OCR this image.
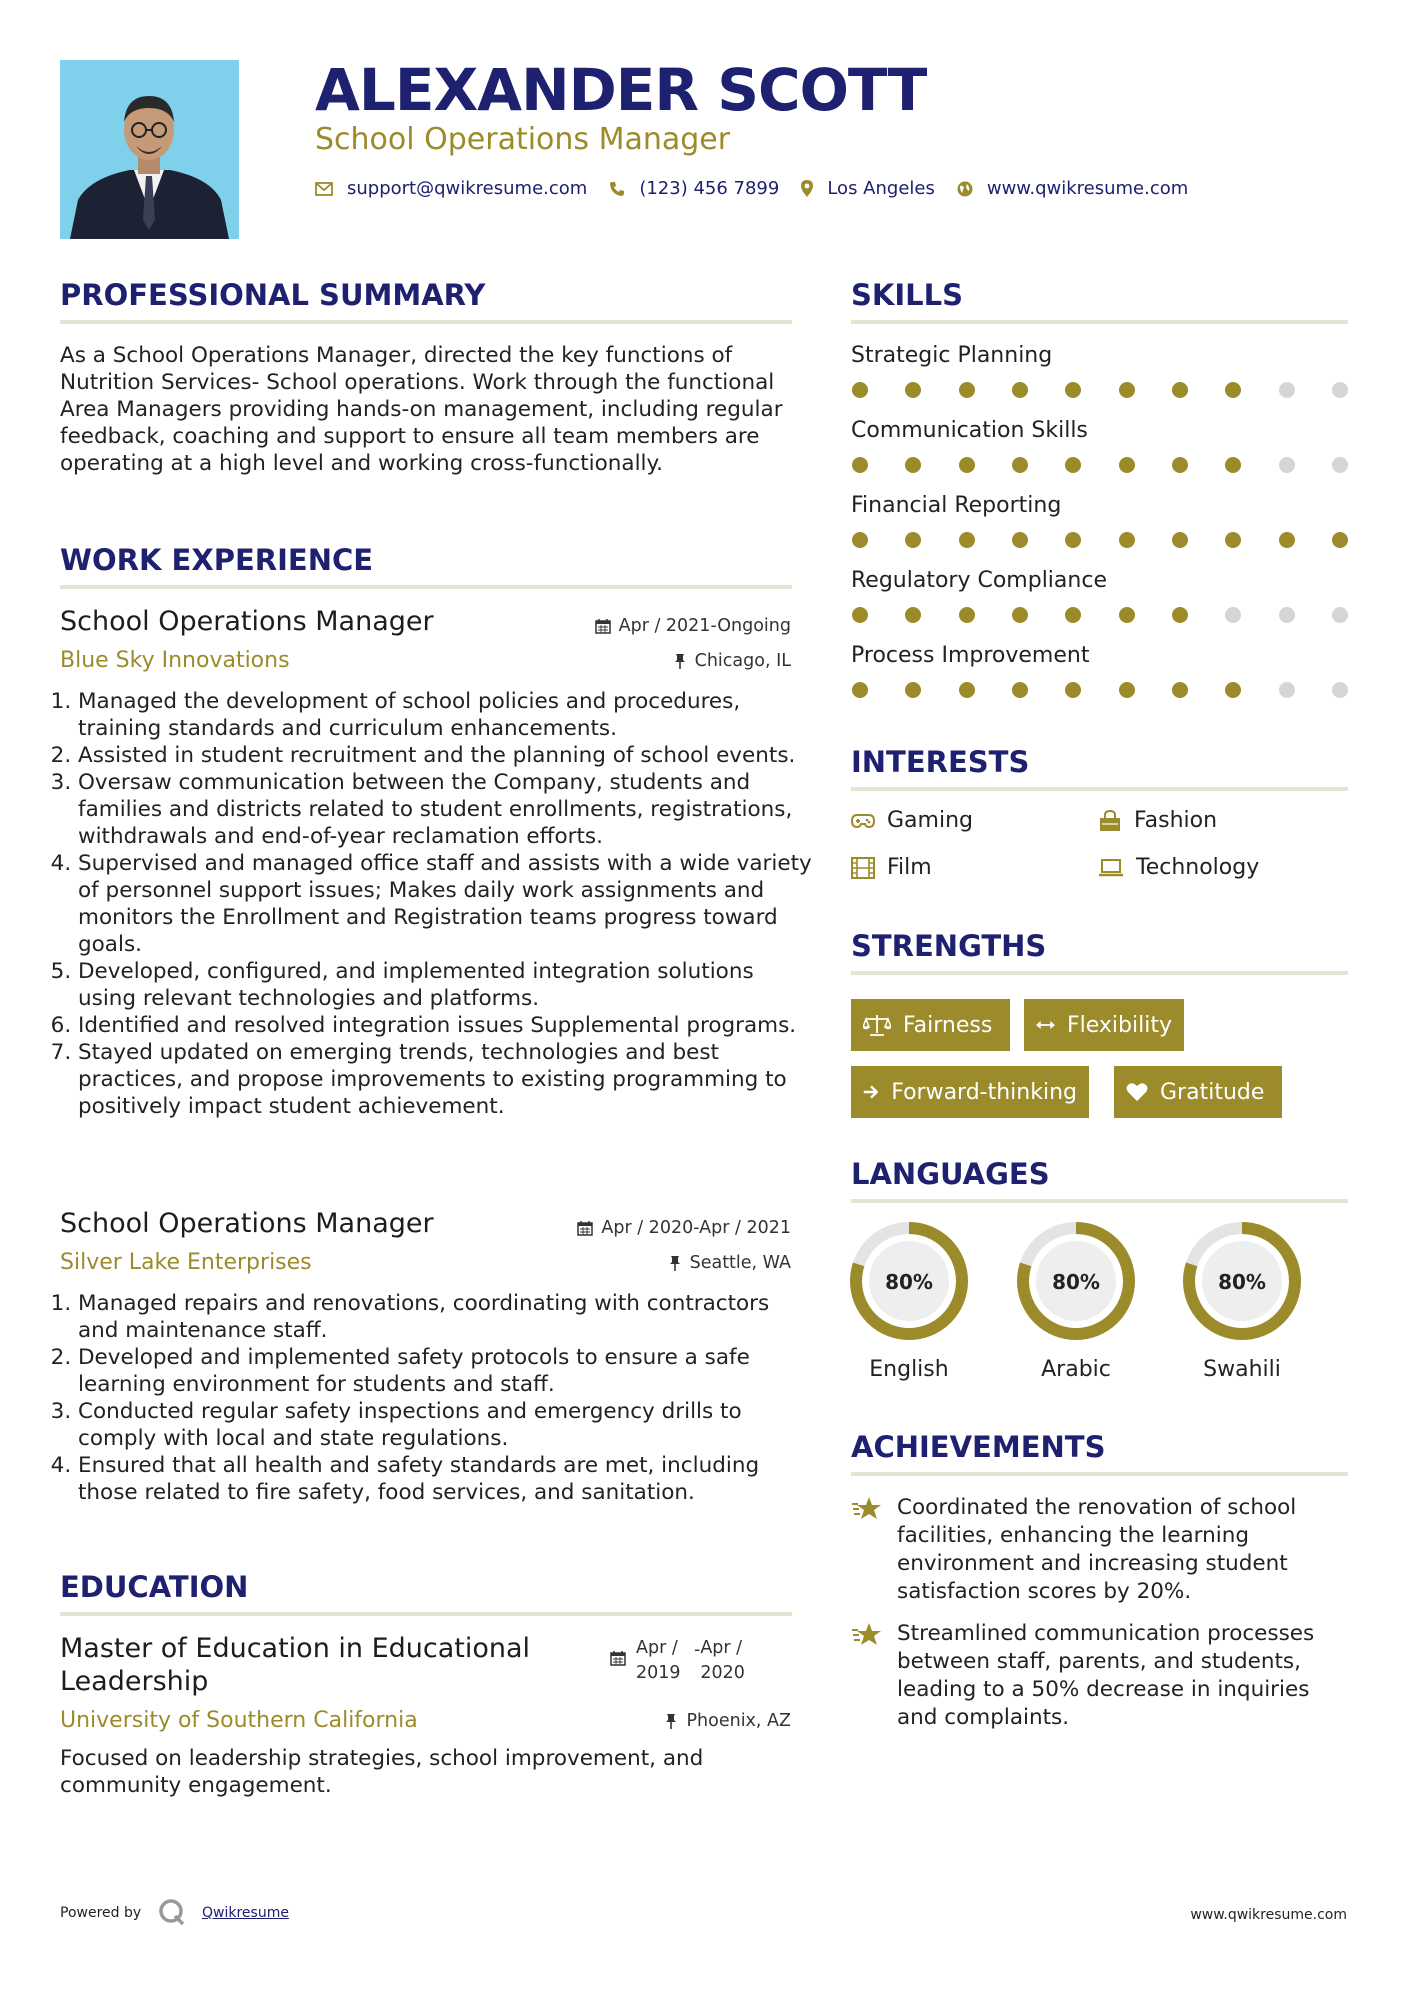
ALEXANDER SCOTT
School Operations Manager
support@qwikresume.com	(123) 456 7899	Los Angeles	www.qwikresume.com
PROFESSIONAL SUMMARY
As a School Operations Manager, directed the key functions of Nutrition Services- School operations. Work through the functional Area Managers providing hands-on management, including regular feedback, coaching and support to ensure all team members are operating at a high level and working cross-functionally.
WORK EXPERIENCE
School Operations Manager	Apr / 2021-Ongoing
Blue Sky Innovations	Chicago, IL
1. Managed the development of school policies and procedures, training standards and curriculum enhancements.
2. Assisted in student recruitment and the planning of school events.
3. Oversaw communication between the Company, students and families and districts related to student enrollments, registrations, withdrawals and end-of-year reclamation efforts.
4. Supervised and managed office staff and assists with a wide variety of personnel support issues; Makes daily work assignments and monitors the Enrollment and Registration teams progress toward goals.
5. Developed, configured, and implemented integration solutions using relevant technologies and platforms.
6. Identified and resolved integration issues Supplemental programs.
7. Stayed updated on emerging trends, technologies and best practices, and propose improvements to existing programming to positively impact student achievement.
School Operations Manager	Apr / 2020-Apr / 2021
Silver Lake Enterprises	Seattle, WA
1. Managed repairs and renovations, coordinating with contractors and maintenance staff.
2. Developed and implemented safety protocols to ensure a safe learning environment for students and staff.
3. Conducted regular safety inspections and emergency drills to comply with local and state regulations.
4. Ensured that all health and safety standards are met, including those related to fire safety, food services, and sanitation.
EDUCATION
Master of Education in Educational Leadership
Apr / 2019
- Apr / 2020
University of Southern California	Phoenix, AZ
Focused on leadership strategies, school improvement, and community engagement.
SKILLS
Strategic Planning
Communication Skills
Financial Reporting
Regulatory Compliance
Process Improvement
INTERESTS
Gaming	Fashion
Film	Technology
STRENGTHS
Fairness	Flexibility
Forward-thinking	Gratitude
LANGUAGES
80%
English
80%
Arabic
80%
Swahili
ACHIEVEMENTS
Coordinated the renovation of school facilities, enhancing the learning environment and increasing student satisfaction scores by 20%.
Streamlined communication processes between staff, parents, and students, leading to a 50% decrease in inquiries and complaints.
Powered by	Qwikresume	www.qwikresume.com
